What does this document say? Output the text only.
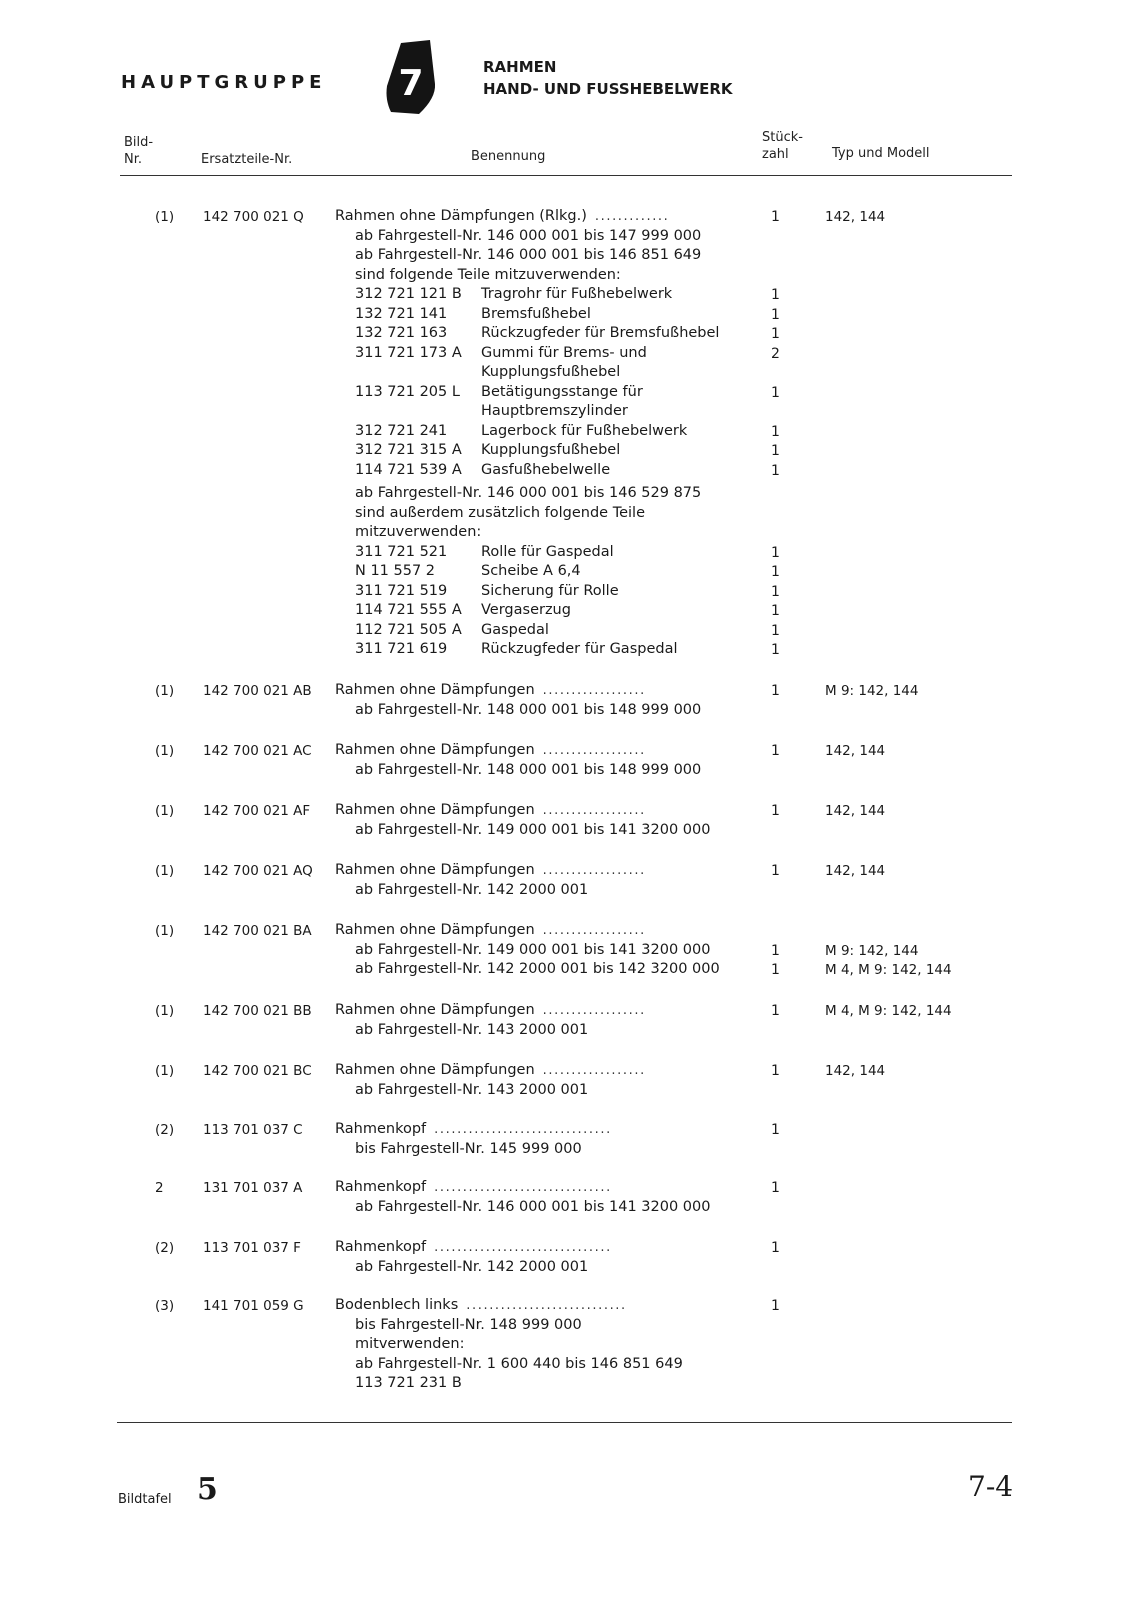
HAUPTGRUPPE 7	RAHMEN
HAND- UND FUSSHEBELWERK
Bild-
Nr.	Ersatzteile-Nr.	Benennung
Stück-
zahl	Typ und Modell
(1) 142 700 021 Q Rahmen ohne Dämpfungen (Rlkg.) .............	1	142, 144
ab Fahrgestell-Nr. 146 000 001 bis 147 999 000
ab Fahrgestell-Nr. 146 000 001 bis 146 851 649
sind folgende Teile mitzuverwenden:
312 721 121 B Tragrohr für Fußhebelwerk	1
132 721 141 Bremsfußhebel	1
132 721 163 Rückzugfeder für Bremsfußhebel	1
311 721 173 A Gummi für Brems- und	2
Kupplungsfußhebel
113 721 205 L Betätigungsstange für	1
Hauptbremszylinder
312 721 241 Lagerbock für Fußhebelwerk	1
312 721 315 A Kupplungsfußhebel	1
114 721 539 A Gasfußhebelwelle	1
ab Fahrgestell-Nr. 146 000 001 bis 146 529 875
sind außerdem zusätzlich folgende Teile
mitzuverwenden:
311 721 521 Rolle für Gaspedal	1
N 11 557 2	Scheibe A 6,4	1
311 721 519 Sicherung für Rolle	1
114 721 555 A Vergaserzug	1
112 721 505 A Gaspedal	1
311 721 619 Rückzugfeder für Gaspedal	1
(1) 142 700 021 AB Rahmen ohne Dämpfungen ..................	1	M 9: 142, 144
ab Fahrgestell-Nr. 148 000 001 bis 148 999 000
(1) 142 700 021 AC Rahmen ohne Dämpfungen ..................	1	142, 144
ab Fahrgestell-Nr. 148 000 001 bis 148 999 000
(1) 142 700 021 AF Rahmen ohne Dämpfungen ..................	1	142, 144
ab Fahrgestell-Nr. 149 000 001 bis 141 3200 000
(1) 142 700 021 AQ Rahmen ohne Dämpfungen ..................	1	142, 144
ab Fahrgestell-Nr. 142 2000 001
(1) 142 700 021 BA Rahmen ohne Dämpfungen ..................
ab Fahrgestell-Nr. 149 000 001 bis 141 3200 000	1	M 9: 142, 144
ab Fahrgestell-Nr. 142 2000 001 bis 142 3200 000	1	M 4, M 9: 142, 144
(1) 142 700 021 BB Rahmen ohne Dämpfungen ..................	1	M 4, M 9: 142, 144
ab Fahrgestell-Nr. 143 2000 001
(1) 142 700 021 BC Rahmen ohne Dämpfungen ..................	1	142, 144
ab Fahrgestell-Nr. 143 2000 001
(2) 113 701 037 C Rahmenkopf ...............................	1
bis Fahrgestell-Nr. 145 999 000
2	131 701 037 A Rahmenkopf ...............................	1
ab Fahrgestell-Nr. 146 000 001 bis 141 3200 000
(2) 113 701 037 F Rahmenkopf ...............................	1
ab Fahrgestell-Nr. 142 2000 001
(3) 141 701 059 G Bodenblech links ............................	1
bis Fahrgestell-Nr. 148 999 000
mitverwenden:
ab Fahrgestell-Nr. 1 600 440 bis 146 851 649
113 721 231 B
Bildtafel 5	7-4
